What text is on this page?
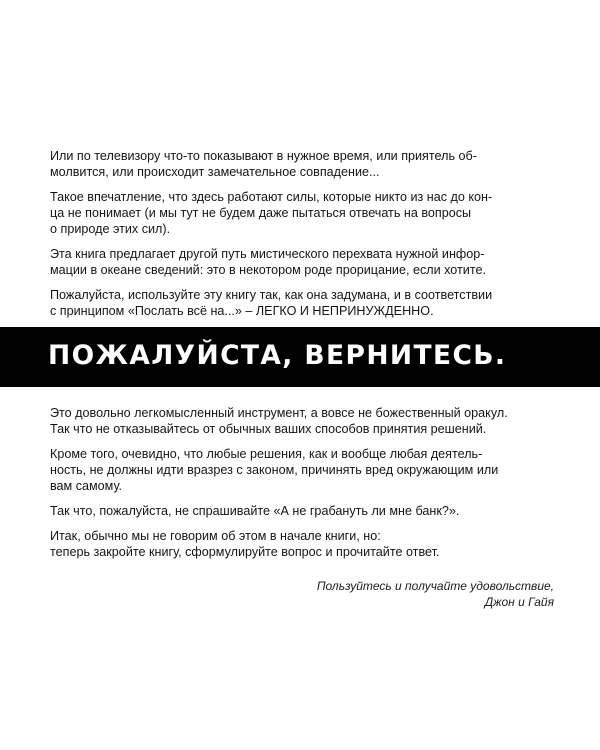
Или по телевизору что-то показывают в нужное время, или приятель об-
молвится, или происходит замечательное совпадение...

Такое впечатление, что здесь работают силы, которые никто из нас до кон-
ца не понимает (и мы тут не будем даже пытаться отвечать на вопросы
о природе этих сил).

Эта книга предлагает другой путь мистического перехвата нужной инфор-
мации в океане сведений: это в некотором роде прорицание, если хотите.

Пожалуйста, используйте эту книгу так, как она задумана, и в соответствии
с принципом «Послать всё на...» – ЛЕГКО И НЕПРИНУЖДЕННО.

ПОЖАЛУЙСТА, ВЕРНИТЕСЬ.

Это довольно легкомысленный инструмент, а вовсе не божественный оракул.
Так что не отказывайтесь от обычных ваших способов принятия решений.

Кроме того, очевидно, что любые решения, как и вообще любая деятель-
ность, не должны идти вразрез с законом, причинять вред окружающим или
вам самому.

Так что, пожалуйста, не спрашивайте «А не грабануть ли мне банк?».

Итак, обычно мы не говорим об этом в начале книги, но:
теперь закройте книгу, сформулируйте вопрос и прочитайте ответ.

Пользуйтесь и получайте удовольствие,
Джон и Гайя
